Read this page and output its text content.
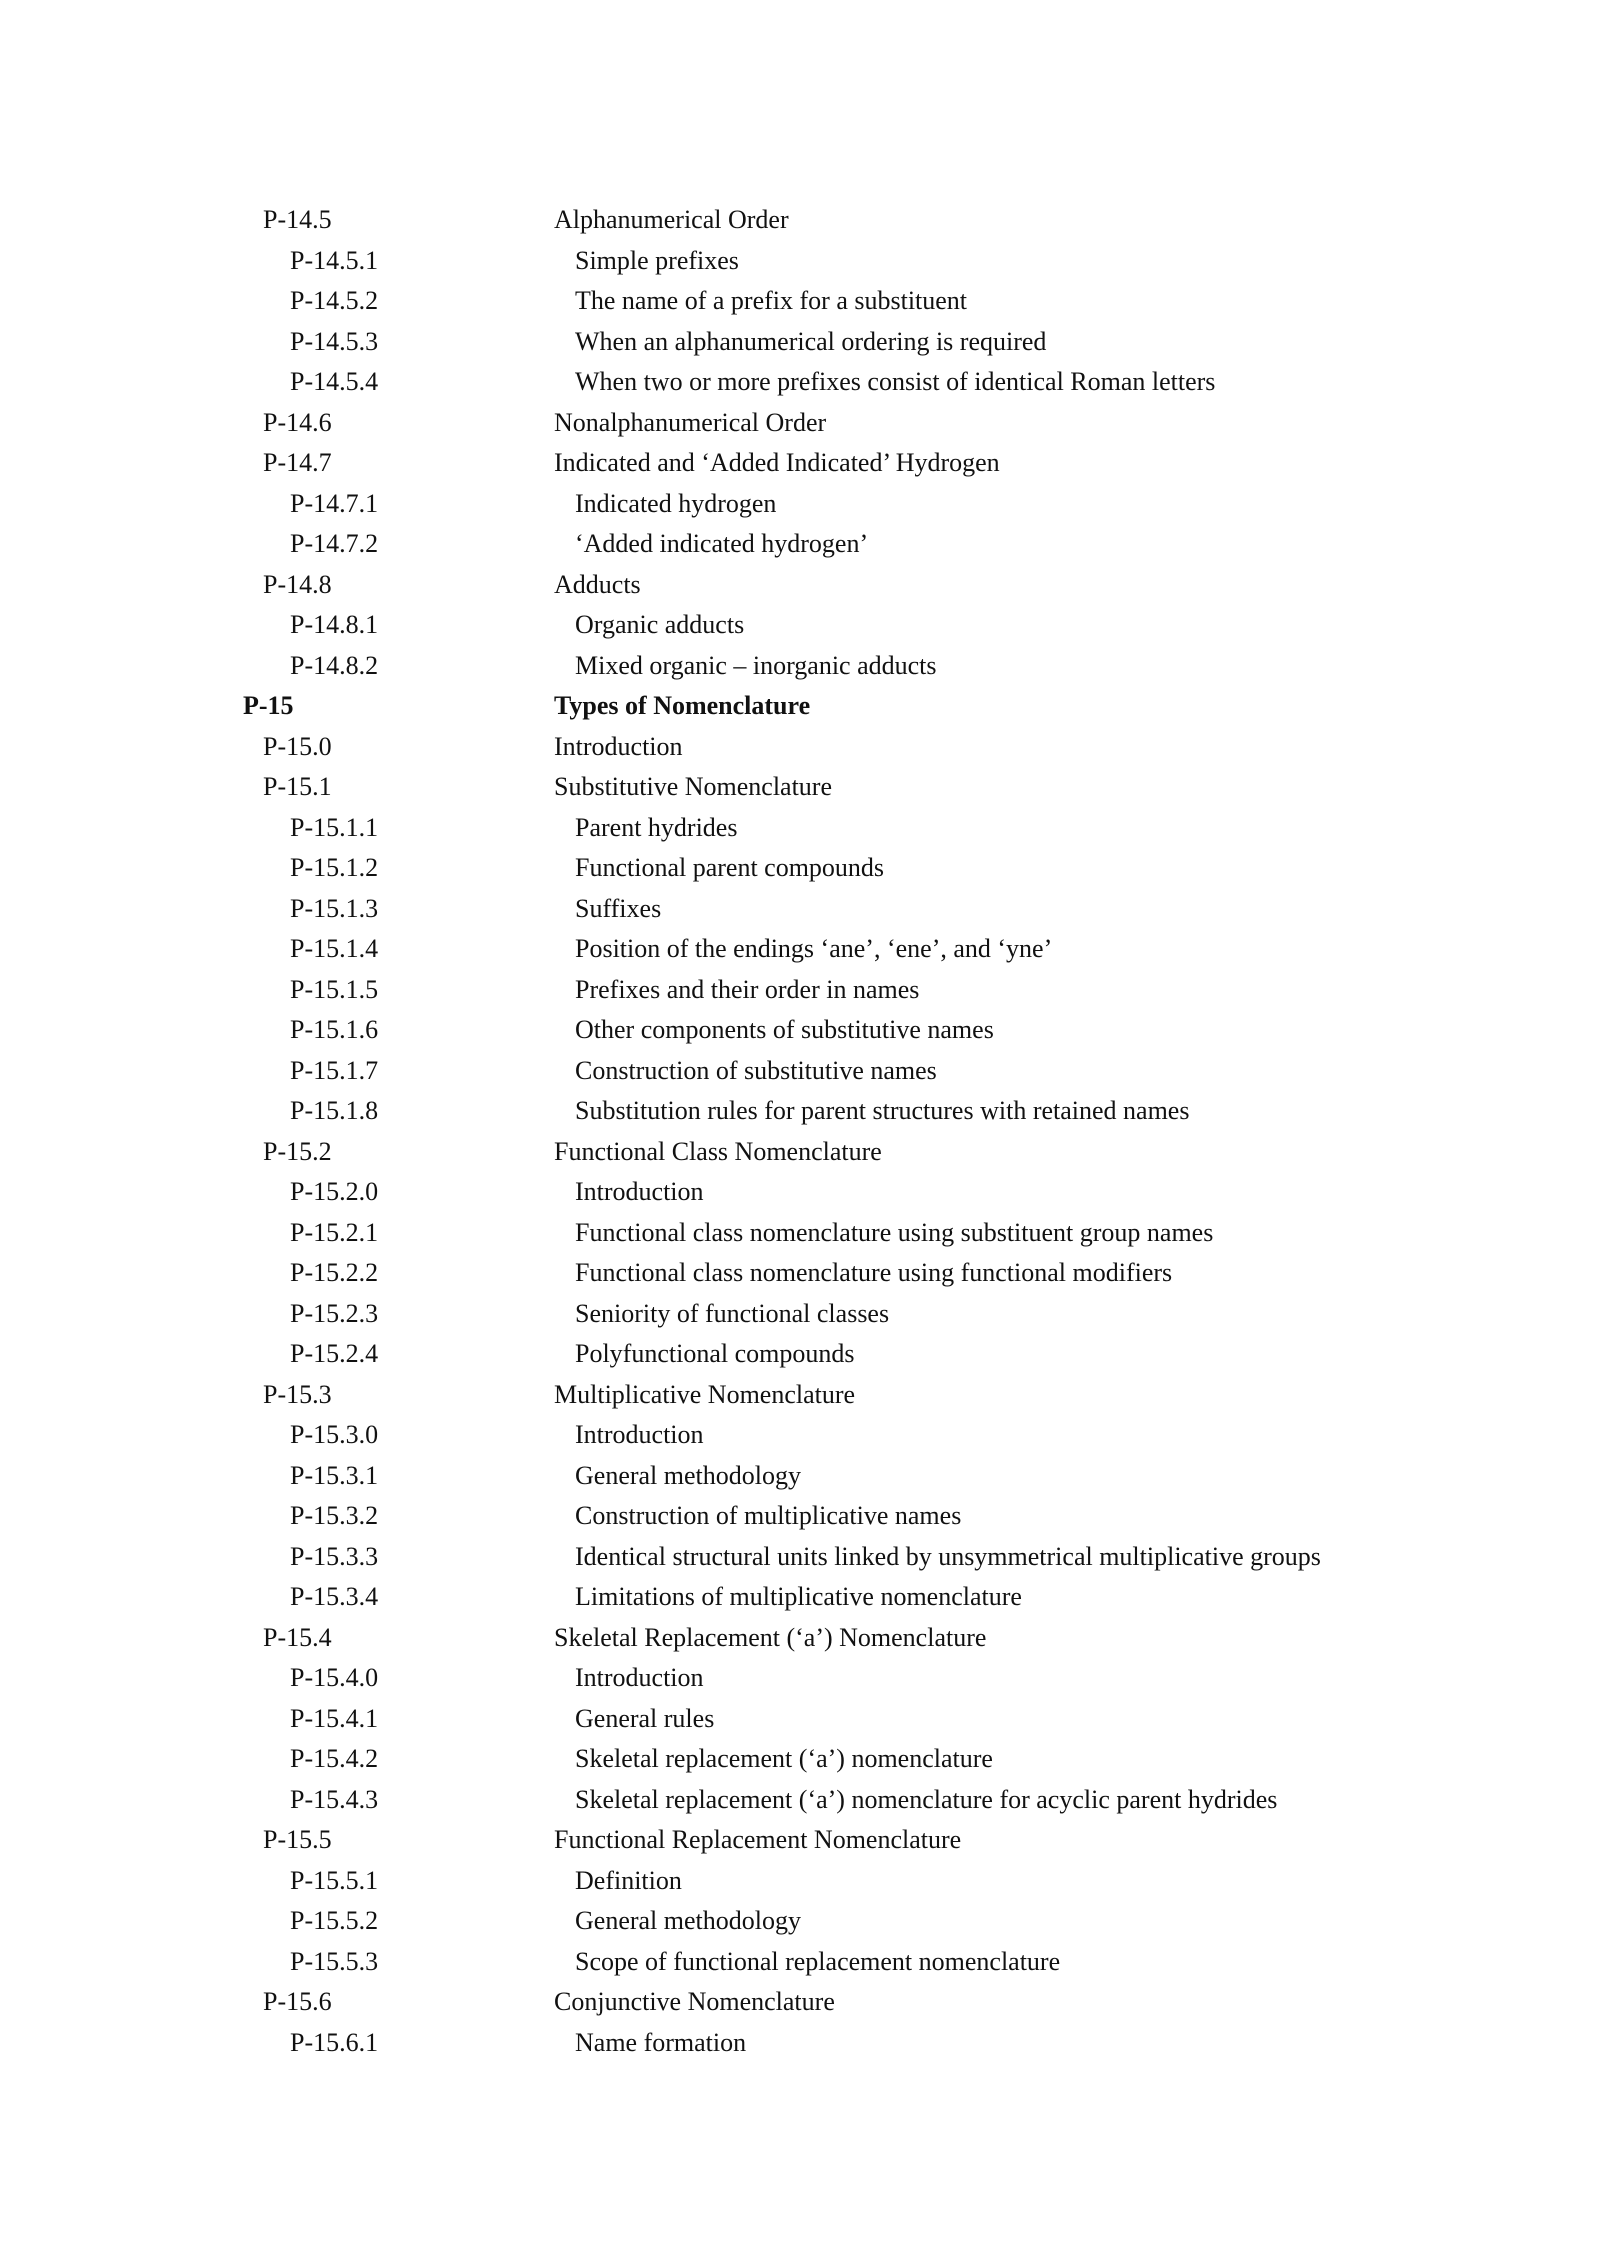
P-14.5	Alphanumerical Order
P-14.5.1	Simple prefixes
P-14.5.2	The name of a prefix for a substituent
P-14.5.3	When an alphanumerical ordering is required
P-14.5.4	When two or more prefixes consist of identical Roman letters
P-14.6	Nonalphanumerical Order
P-14.7	Indicated and ‘Added Indicated’ Hydrogen
P-14.7.1	Indicated hydrogen
P-14.7.2	‘Added indicated hydrogen’
P-14.8	Adducts
P-14.8.1	Organic adducts
P-14.8.2	Mixed organic – inorganic adducts
P-15	Types of Nomenclature
P-15.0	Introduction
P-15.1	Substitutive Nomenclature
P-15.1.1	Parent hydrides
P-15.1.2	Functional parent compounds
P-15.1.3	Suffixes
P-15.1.4	Position of the endings ‘ane’, ‘ene’, and ‘yne’
P-15.1.5	Prefixes and their order in names
P-15.1.6	Other components of substitutive names
P-15.1.7	Construction of substitutive names
P-15.1.8	Substitution rules for parent structures with retained names
P-15.2	Functional Class Nomenclature
P-15.2.0	Introduction
P-15.2.1	Functional class nomenclature using substituent group names
P-15.2.2	Functional class nomenclature using functional modifiers
P-15.2.3	Seniority of functional classes
P-15.2.4	Polyfunctional compounds
P-15.3	Multiplicative Nomenclature
P-15.3.0	Introduction
P-15.3.1	General methodology
P-15.3.2	Construction of multiplicative names
P-15.3.3	Identical structural units linked by unsymmetrical multiplicative groups
P-15.3.4	Limitations of multiplicative nomenclature
P-15.4	Skeletal Replacement (‘a’) Nomenclature
P-15.4.0	Introduction
P-15.4.1	General rules
P-15.4.2	Skeletal replacement (‘a’) nomenclature
P-15.4.3	Skeletal replacement (‘a’) nomenclature for acyclic parent hydrides
P-15.5	Functional Replacement Nomenclature
P-15.5.1	Definition
P-15.5.2	General methodology
P-15.5.3	Scope of functional replacement nomenclature
P-15.6	Conjunctive Nomenclature
P-15.6.1	Name formation
